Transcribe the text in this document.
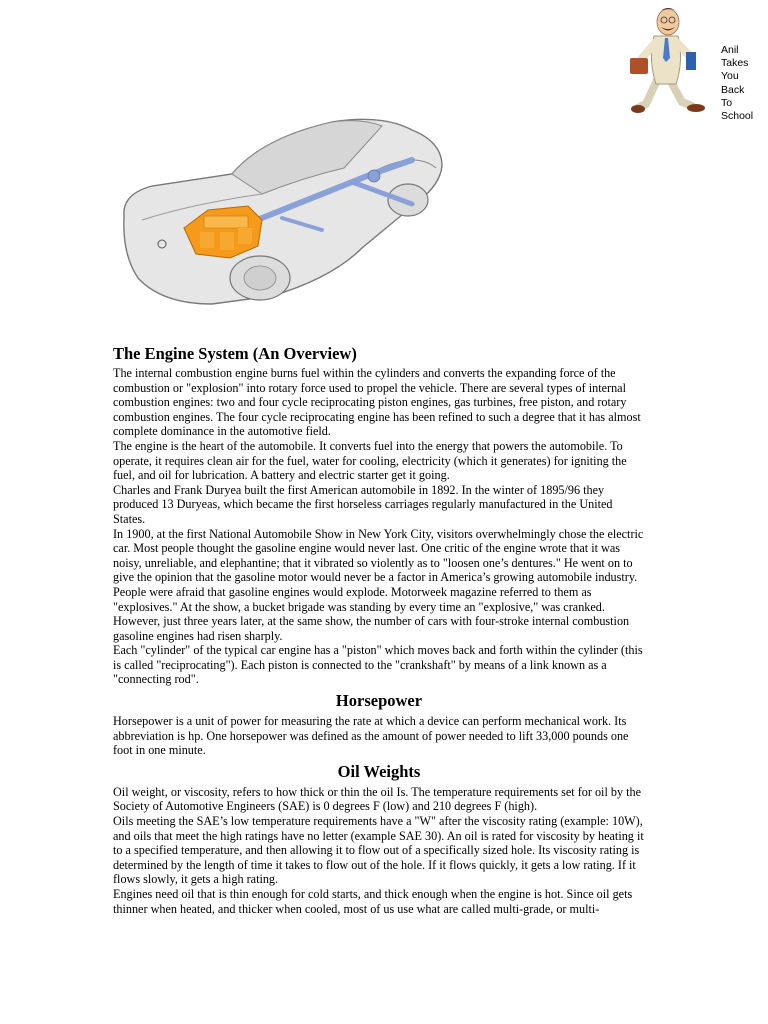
Anil
Takes
You
Back
To
School
The Engine System (An Overview)

The internal combustion engine burns fuel within the cylinders and converts the expanding force of the combustion or "explosion" into rotary force used to propel the vehicle. There are several types of internal combustion engines: two and four cycle reciprocating piston engines, gas turbines, free piston, and rotary combustion engines. The four cycle reciprocating engine has been refined to such a degree that it has almost complete dominance in the automotive field.

The engine is the heart of the automobile. It converts fuel into the energy that powers the automobile. To operate, it requires clean air for the fuel, water for cooling, electricity (which it generates) for igniting the fuel, and oil for lubrication. A battery and electric starter get it going.

Charles and Frank Duryea built the first American automobile in 1892. In the winter of 1895/96 they produced 13 Duryeas, which became the first horseless carriages regularly manufactured in the United States.

In 1900, at the first National Automobile Show in New York City, visitors overwhelmingly chose the electric car. Most people thought the gasoline engine would never last. One critic of the engine wrote that it was noisy, unreliable, and elephantine; that it vibrated so violently as to "loosen one’s dentures." He went on to give the opinion that the gasoline motor would never be a factor in America’s growing automobile industry. People were afraid that gasoline engines would explode. Motorweek magazine referred to them as "explosives." At the show, a bucket brigade was standing by every time an "explosive," was cranked. However, just three years later, at the same show, the number of cars with four-stroke internal combustion gasoline engines had risen sharply.

Each "cylinder" of the typical car engine has a "piston" which moves back and forth within the cylinder (this is called "reciprocating"). Each piston is connected to the "crankshaft" by means of a link known as a "connecting rod".

Horsepower

Horsepower is a unit of power for measuring the rate at which a device can perform mechanical work. Its abbreviation is hp. One horsepower was defined as the amount of power needed to lift 33,000 pounds one foot in one minute.

Oil Weights

Oil weight, or viscosity, refers to how thick or thin the oil Is. The temperature requirements set for oil by the Society of Automotive Engineers (SAE) is 0 degrees F (low) and 210 degrees F (high).

Oils meeting the SAE’s low temperature requirements have a "W" after the viscosity rating (example: 10W), and oils that meet the high ratings have no letter (example SAE 30). An oil is rated for viscosity by heating it to a specified temperature, and then allowing it to flow out of a specifically sized hole. Its viscosity rating is determined by the length of time it takes to flow out of the hole. If it flows quickly, it gets a low rating. If it flows slowly, it gets a high rating.

Engines need oil that is thin enough for cold starts, and thick enough when the engine is hot. Since oil gets thinner when heated, and thicker when cooled, most of us use what are called multi-grade, or multi-
